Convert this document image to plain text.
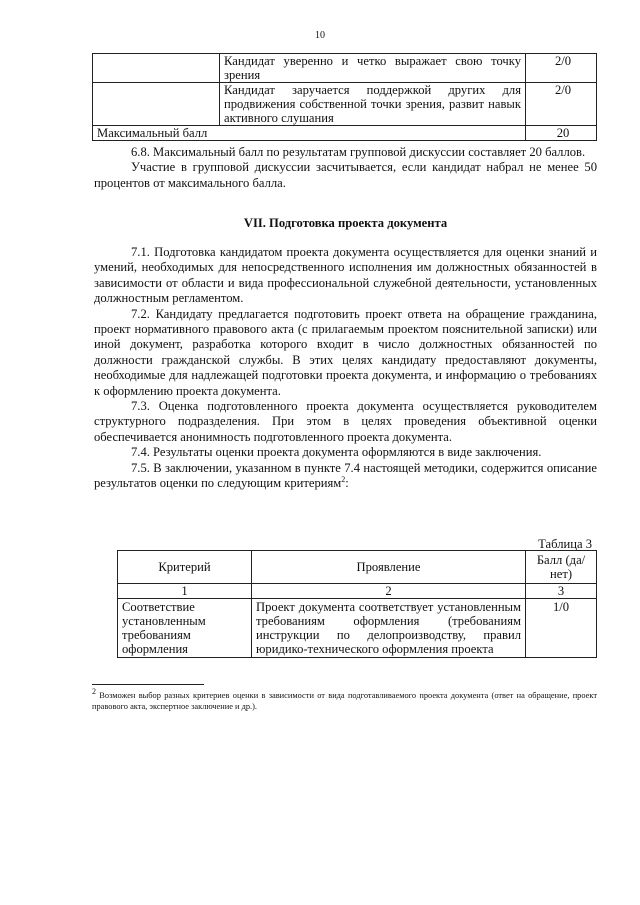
10
	Кандидат уверенно и четко выражает свою точку зрения	2/0
	Кандидат заручается поддержкой других для продвижения собственной точки зрения, развит навык активного слушания	2/0
Максимальный балл		20

6.8. Максимальный балл по результатам групповой дискуссии составляет 20 баллов.

Участие в групповой дискуссии засчитывается, если кандидат набрал не менее 50 процентов от максимального балла.

VII. Подготовка проекта документа

7.1. Подготовка кандидатом проекта документа осуществляется для оценки знаний и умений, необходимых для непосредственного исполнения им должностных обязанностей в зависимости от области и вида профессиональной служебной деятельности, установленных должностным регламентом.

7.2. Кандидату предлагается подготовить проект ответа на обращение гражданина, проект нормативного правового акта (с прилагаемым проектом пояснительной записки) или иной документ, разработка которого входит в число должностных обязанностей по должности гражданской службы. В этих целях кандидату предоставляют документы, необходимые для надлежащей подготовки проекта документа, и информацию о требованиях к оформлению проекта документа.

7.3. Оценка подготовленного проекта документа осуществляется руководителем структурного подразделения. При этом в целях проведения объективной оценки обеспечивается анонимность подготовленного проекта документа.

7.4. Результаты оценки проекта документа оформляются в виде заключения.

7.5. В заключении, указанном в пункте 7.4 настоящей методики, содержится описание результатов оценки по следующим критериям$^2$:

Таблица 3
Критерий	Проявление	Балл (да/нет)
1	2	3
Соответствие установленным требованиям оформления	Проект документа соответствует установленным требованиям оформления (требованиям инструкции по делопроизводству, правил юридико-технического оформления проекта	1/0
$^2$ Возможен выбор разных критериев оценки в зависимости от вида подготавливаемого проекта документа (ответ на обращение, проект правового акта, экспертное заключение и др.).
